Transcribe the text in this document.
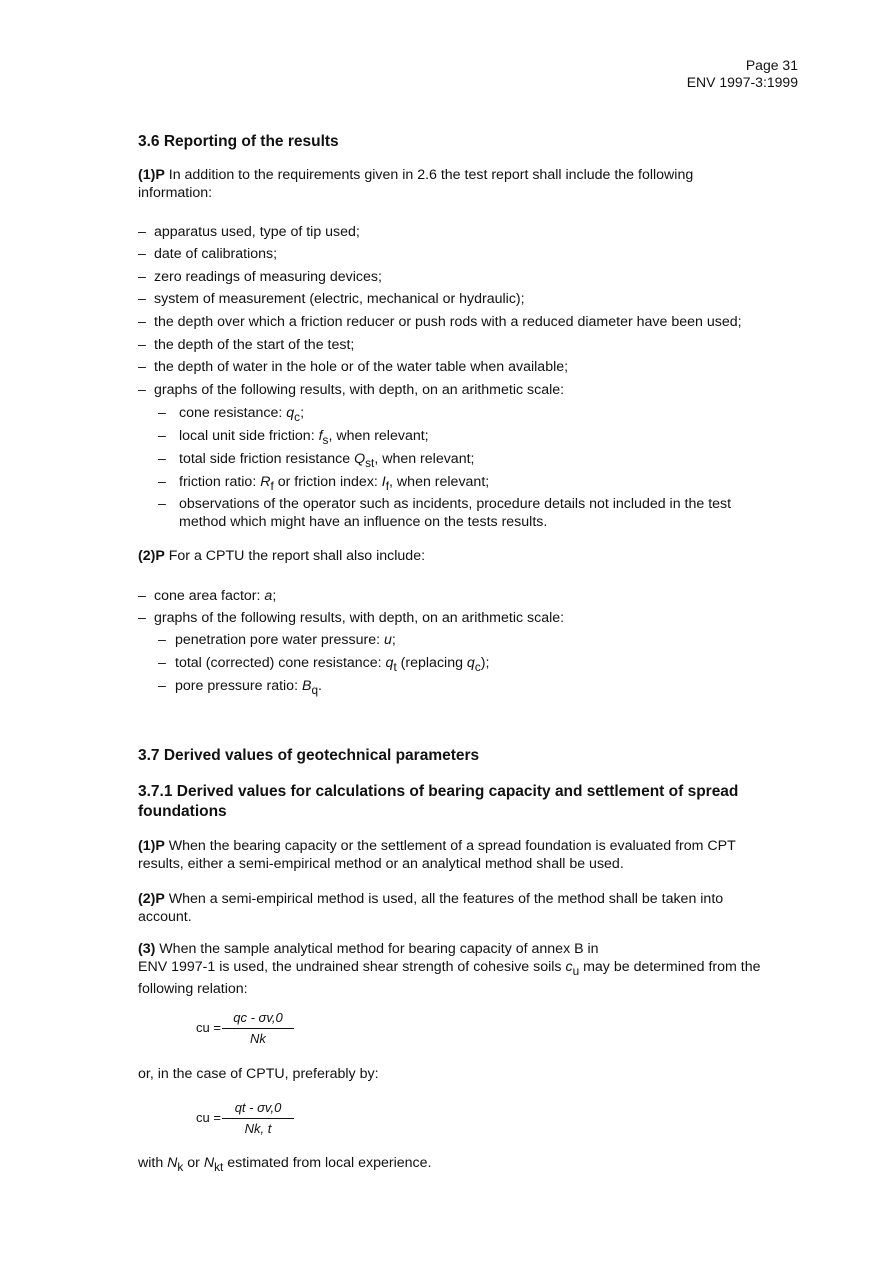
Page 31
ENV 1997-3:1999
3.6 Reporting of the results

(1)P In addition to the requirements given in 2.6 the test report shall include the following information:

– apparatus used, type of tip used;
– date of calibrations;
– zero readings of measuring devices;
– system of measurement (electric, mechanical or hydraulic);
– the depth over which a friction reducer or push rods with a reduced diameter have been used;
– the depth of the start of the test;
– the depth of water in the hole or of the water table when available;
– graphs of the following results, with depth, on an arithmetic scale:
– cone resistance: $q_c$;
– local unit side friction: $f_s$, when relevant;
– total side friction resistance $Q_{st}$, when relevant;
– friction ratio: $R_f$ or friction index: $I_f$, when relevant;
– observations of the operator such as incidents, procedure details not included in the test method which might have an influence on the tests results.

(2)P For a CPTU the report shall also include:

– cone area factor: a;
– graphs of the following results, with depth, on an arithmetic scale:
– penetration pore water pressure: u;
– total (corrected) cone resistance: $q_t$ (replacing $q_c$);
– pore pressure ratio: $B_q$.
3.7 Derived values of geotechnical parameters
3.7.1 Derived values for calculations of bearing capacity and settlement of spread foundations

(1)P When the bearing capacity or the settlement of a spread foundation is evaluated from CPT results, either a semi-empirical method or an analytical method shall be used.

(2)P When a semi-empirical method is used, all the features of the method shall be taken into account.

(3) When the sample analytical method for bearing capacity of annex B in
ENV 1997-1 is used, the undrained shear strength of cohesive soils $c_u$ may be determined from the following relation:

cu =
qc - σv,0
Nk

or, in the case of CPTU, preferably by:

cu =
qt - σv,0
Nk, t

with $N_k$ or $N_{kt}$ estimated from local experience.
